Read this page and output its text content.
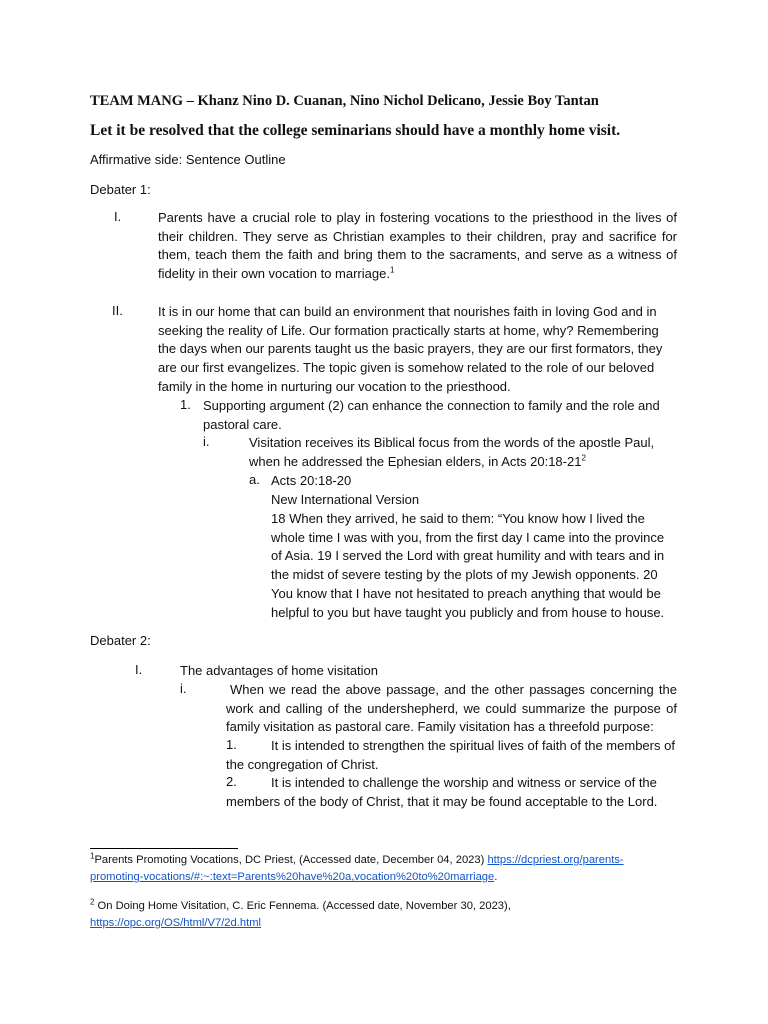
TEAM MANG – Khanz Nino D. Cuanan, Nino Nichol Delicano, Jessie Boy Tantan
Let it be resolved that the college seminarians should have a monthly home visit.
Affirmative side: Sentence Outline
Debater 1:
I.	Parents have a crucial role to play in fostering vocations to the priesthood in the lives of their children. They serve as Christian examples to their children, pray and sacrifice for them, teach them the faith and bring them to the sacraments, and serve as a witness of fidelity in their own vocation to marriage.$^1$
II.	It is in our home that can build an environment that nourishes faith in loving God and in seeking the reality of Life. Our formation practically starts at home, why? Remembering the days when our parents taught us the basic prayers, they are our first formators, they are our first evangelizes. The topic given is somehow related to the role of our beloved family in the home in nurturing our vocation to the priesthood.
1. Supporting argument (2) can enhance the connection to family and the role and pastoral care.
i.	Visitation receives its Biblical focus from the words of the apostle Paul, when he addressed the Ephesian elders, in Acts $20:18-21^2$
a. Acts 20:18-20
New International Version
18 When they arrived, he said to them: “You know how I lived the whole time I was with you, from the first day I came into the province of Asia. 19 I served the Lord with great humility and with tears and in the midst of severe testing by the plots of my Jewish opponents. 20 You know that I have not hesitated to preach anything that would be helpful to you but have taught you publicly and from house to house.
Debater 2:
I.	The advantages of home visitation
i.	When we read the above passage, and the other passages concerning the work and calling of the undershepherd, we could summarize the purpose of family visitation as pastoral care. Family visitation has a threefold purpose:
1.	It is intended to strengthen the spiritual lives of faith of the members of
the congregation of Christ.
2.	It is intended to challenge the worship and witness or service of the
members of the body of Christ, that it may be found acceptable to the Lord.
$^1$Parents Promoting Vocations, DC Priest, (Accessed date, December 04, 2023) https://dcpriest.org/parents-
promoting-vocations/#:~:text=Parents%20have%20a,vocation%20to%20marriage.
$^2$ On Doing Home Visitation, C. Eric Fennema. (Accessed date, November 30, 2023),
https://opc.org/OS/html/V7/2d.html
